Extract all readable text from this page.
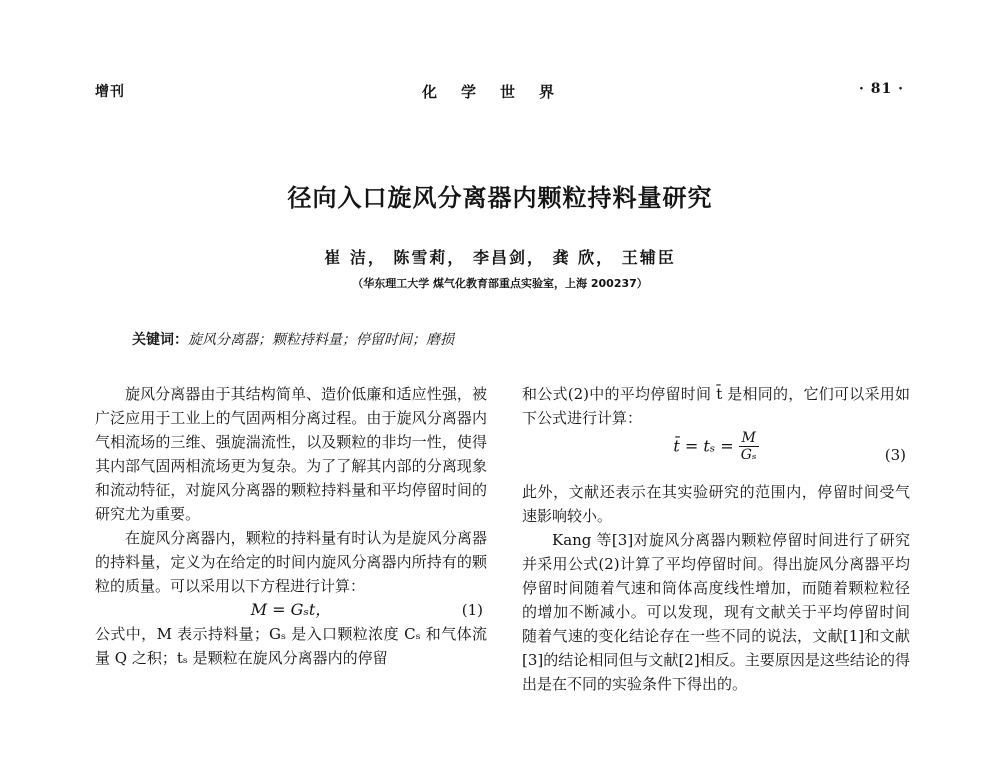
增刊	化学世界	· 81 ·
径向入口旋风分离器内颗粒持料量研究
崔 洁， 陈雪莉， 李昌剑， 龚 欣， 王辅臣
（华东理工大学 煤气化教育部重点实验室，上海 200237）
关键词：旋风分离器；颗粒持料量；停留时间；磨损

旋风分离器由于其结构简单、造价低廉和适应性强，被广泛应用于工业上的气固两相分离过程。由于旋风分离器内气相流场的三维、强旋湍流性，以及颗粒的非均一性，使得其内部气固两相流场更为复杂。为了了解其内部的分离现象和流动特征，对旋风分离器的颗粒持料量和平均停留时间的研究尤为重要。

在旋风分离器内，颗粒的持料量有时认为是旋风分离器的持料量，定义为在给定的时间内旋风分离器内所持有的颗粒的质量。可以采用以下方程进行计算：

M = Gₛt，	(1)

公式中，M 表示持料量；Gₛ 是入口颗粒浓度 Cₛ 和气体流量 Q 之积；tₛ 是颗粒在旋风分离器内的停留

和公式(2)中的平均停留时间 t̄ 是相同的，它们可以采用如下公式进行计算：

t̄ = $t_s = \frac{M}{\text{Gₛ}}$	(3)

此外，文献还表示在其实验研究的范围内，停留时间受气速影响较小。

Kang 等[3]对旋风分离器内颗粒停留时间进行了研究并采用公式(2)计算了平均停留时间。得出旋风分离器平均停留时间随着气速和筒体高度线性增加，而随着颗粒粒径的增加不断减小。可以发现，现有文献关于平均停留时间随着气速的变化结论存在一些不同的说法，文献[1]和文献[3]的结论相同但与文献[2]相反。主要原因是这些结论的得出是在不同的实验条件下得出的。
